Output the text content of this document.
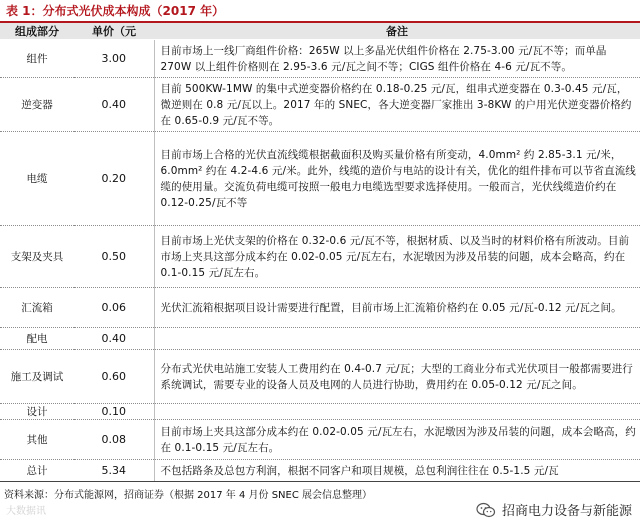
表 1：分布式光伏成本构成（2017 年）
组成部分	单价（元	备注
组件	3.00	目前市场上一线厂商组件价格：265W 以上多晶光伏组件价格在 2.75-3.00 元/瓦不等；而单晶 270W 以上组件价格则在 2.95-3.6 元/瓦之间不等；CIGS 组件价格在 4-6 元/瓦不等。
逆变器	0.40	目前 500KW-1MW 的集中式逆变器价格约在 0.18-0.25 元/瓦，组串式逆变器在 0.3-0.45 元/瓦，微逆则在 0.8 元/瓦以上。2017 年的 SNEC，各大逆变器厂家推出 3-8KW 的户用光伏逆变器价格约在 0.65-0.9 元/瓦不等。
电缆	0.20	目前市场上合格的光伏直流线缆根据截面积及购买量价格有所变动，4.0mm² 约 2.85-3.1 元/米，6.0mm² 约在 4.2-4.6 元/米。此外，线缆的造价与电站的设计有关，优化的组件排布可以节省直流线缆的使用量。交流负荷电缆可按照一般电力电缆选型要求选择使用。一般而言，光伏线缆造价约在 0.12-0.25/瓦不等
支架及夹具	0.50	目前市场上光伏支架的价格在 0.32-0.6 元/瓦不等，根据材质、以及当时的材料价格有所波动。目前市场上夹具这部分成本约在 0.02-0.05 元/瓦左右，水泥墩因为涉及吊装的问题，成本会略高，约在 0.1-0.15 元/瓦左右。
汇流箱	0.06	光伏汇流箱根据项目设计需要进行配置，目前市场上汇流箱价格约在 0.05 元/瓦-0.12 元/瓦之间。
配电	0.40	
施工及调试	0.60	分布式光伏电站施工安装人工费用约在 0.4-0.7 元/瓦；大型的工商业分布式光伏项目一般都需要进行系统调试，需要专业的设备人员及电网的人员进行协助，费用约在 0.05-0.12 元/瓦之间。
设计	0.10	
其他	0.08	目前市场上夹具这部分成本约在 0.02-0.05 元/瓦左右，水泥墩因为涉及吊装的问题，成本会略高，约在 0.1-0.15 元/瓦左右。
总计	5.34	不包括路条及总包方利润，根据不同客户和项目规模，总包利润往往在 0.5-1.5 元/瓦
资料来源：分布式能源网，招商证券（根据 2017 年 4 月份 SNEC 展会信息整理）
大数据讯	招商电力设备与新能源
